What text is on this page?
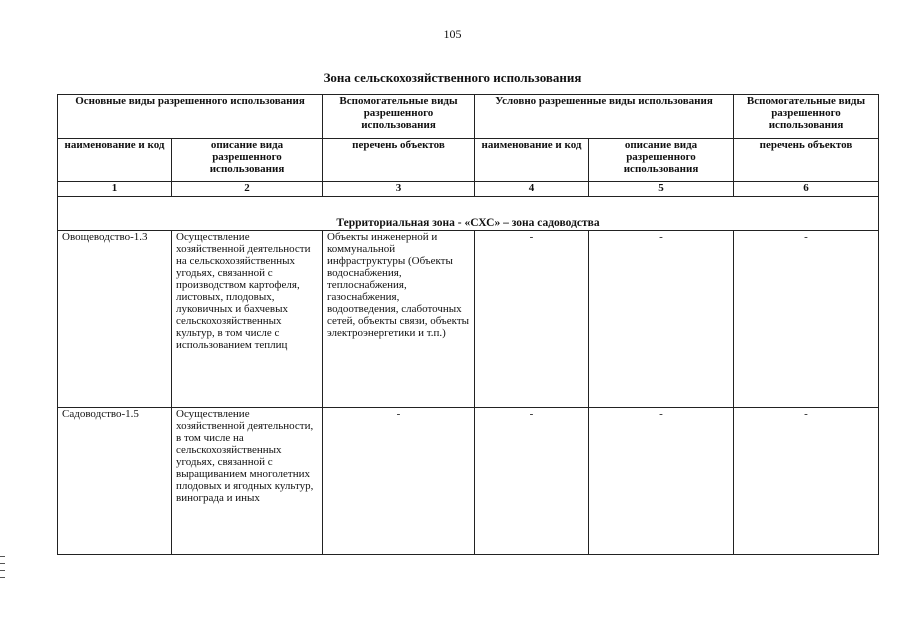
105
Зона сельскохозяйственного использования
Основные виды разрешенного использования		Вспомогательные виды разрешенного использования	Условно разрешенные виды использования		Вспомогательные виды разрешенного использования
наименование и код	описание вида разрешенного использования	перечень объектов	наименование и код	описание вида разрешенного использования	перечень объектов
1	2	3	4	5	6
Территориальная зона - «СХС» – зона садоводства					
Овощеводство-1.3	Осуществление хозяйственной деятельности на сельскохозяйственных угодьях, связанной с производством картофеля, листовых, плодовых, луковичных и бахчевых сельскохозяйственных культур, в том числе с использованием теплиц	Объекты инженерной и коммунальной инфраструктуры (Объекты водоснабжения, теплоснабжения, газоснабжения, водоотведения, слаботочных сетей, объекты связи, объекты электроэнергетики и т.п.)	-	-	-
Садоводство-1.5	Осуществление хозяйственной деятельности, в том числе на сельскохозяйственных угодьях, связанной с выращиванием многолетних плодовых и ягодных культур, винограда и иных	-	-	-	-
